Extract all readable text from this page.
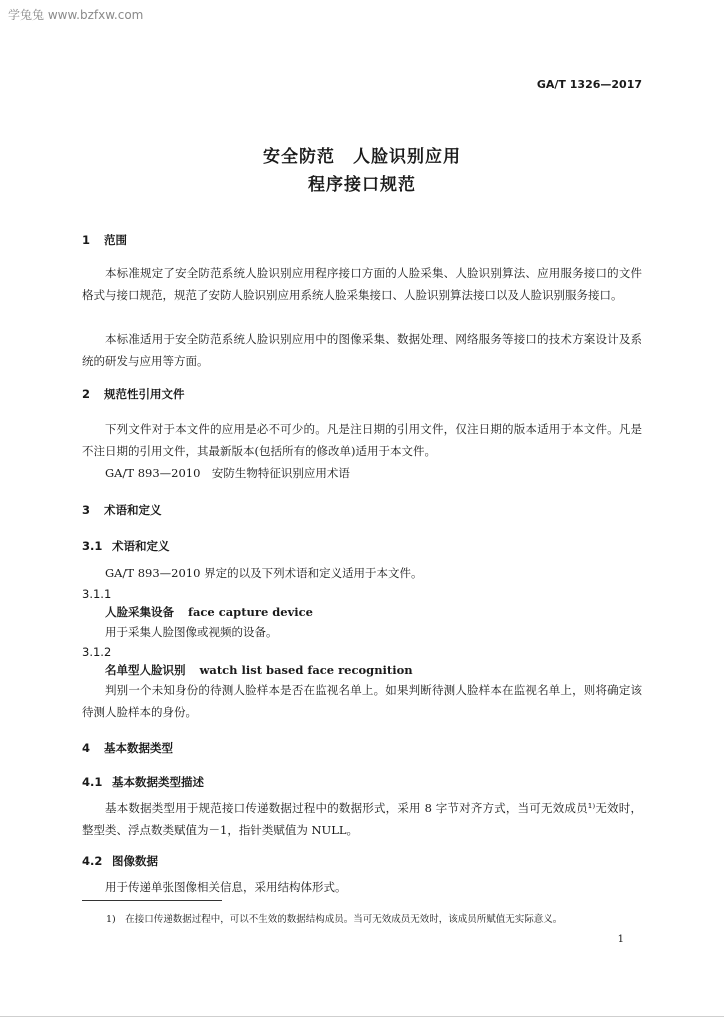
学兔兔 www.bzfxw.com
GA/T 1326—2017
安全防范　人脸识别应用
程序接口规范
1 范围
本标准规定了安全防范系统人脸识别应用程序接口方面的人脸采集、人脸识别算法、应用服务接口的文件格式与接口规范，规范了安防人脸识别应用系统人脸采集接口、人脸识别算法接口以及人脸识别服务接口。
本标准适用于安全防范系统人脸识别应用中的图像采集、数据处理、网络服务等接口的技术方案设计及系统的研发与应用等方面。
2 规范性引用文件
下列文件对于本文件的应用是必不可少的。凡是注日期的引用文件，仅注日期的版本适用于本文件。凡是不注日期的引用文件，其最新版本(包括所有的修改单)适用于本文件。
GA/T 893—2010　安防生物特征识别应用术语
3 术语和定义
3.1 术语和定义
GA/T 893—2010 界定的以及下列术语和定义适用于本文件。
3.1.1
人脸采集设备 face capture device
用于采集人脸图像或视频的设备。
3.1.2
名单型人脸识别 watch list based face recognition
判别一个未知身份的待测人脸样本是否在监视名单上。如果判断待测人脸样本在监视名单上，则将确定该待测人脸样本的身份。
4 基本数据类型
4.1 基本数据类型描述
基本数据类型用于规范接口传递数据过程中的数据形式，采用 8 字节对齐方式，当可无效成员¹⁾无效时，整型类、浮点数类赋值为－1，指针类赋值为 NULL。
4.2 图像数据
用于传递单张图像相关信息，采用结构体形式。
1)　在接口传递数据过程中，可以不生效的数据结构成员。当可无效成员无效时，该成员所赋值无实际意义。
1
